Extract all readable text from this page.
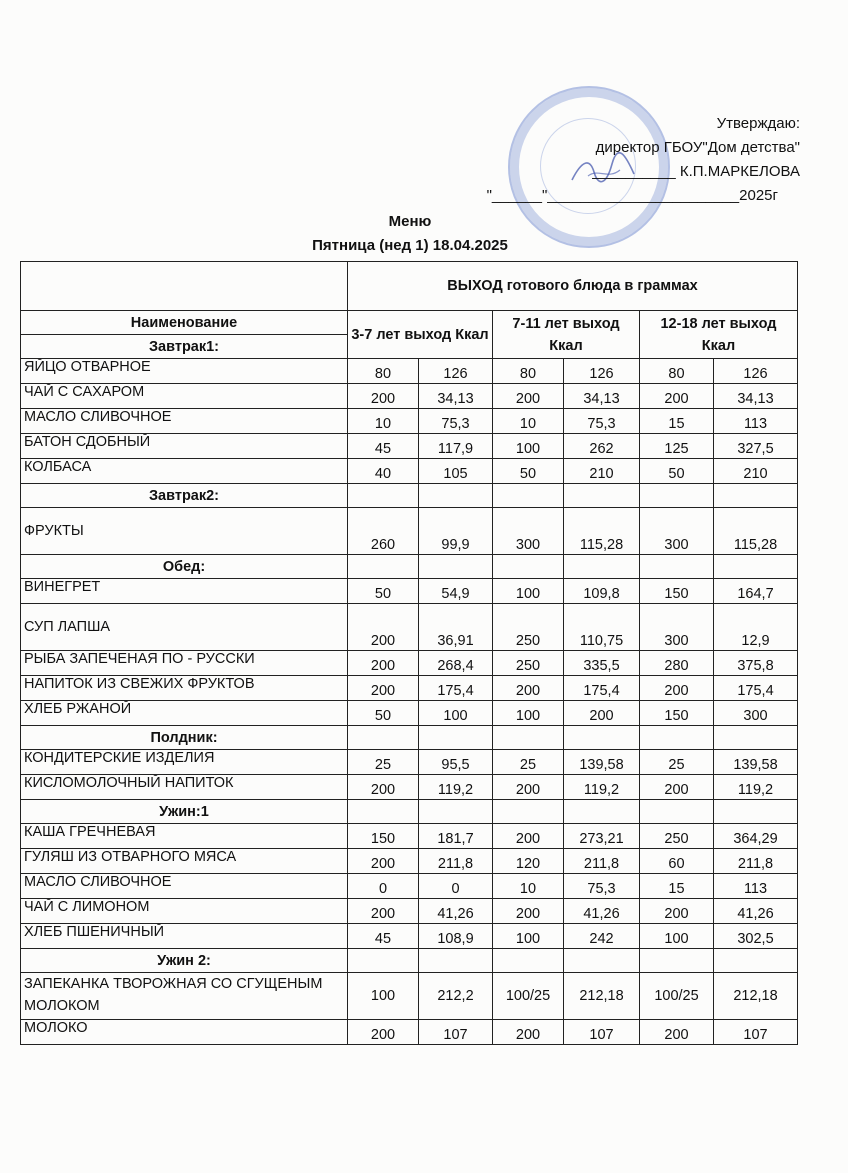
Утверждаю:
директор ГБОУ"Дом детства"
__________ К.П.МАРКЕЛОВА
"______"_______________________2025г
Меню
Пятница (нед 1) 18.04.2025
	ВЫХОД готового блюда в граммах					
Наименование	3-7 лет выход Ккал		7-11 лет выход Ккал		12-18 лет выход Ккал	
Завтрак1:						
ЯЙЦО ОТВАРНОЕ	80	126	80	126	80	126
ЧАЙ С САХАРОМ	200	34,13	200	34,13	200	34,13
МАСЛО СЛИВОЧНОЕ	10	75,3	10	75,3	15	113
БАТОН СДОБНЫЙ	45	117,9	100	262	125	327,5
КОЛБАСА	40	105	50	210	50	210
Завтрак2:						
ФРУКТЫ	260	99,9	300	115,28	300	115,28
Обед:						
ВИНЕГРЕТ	50	54,9	100	109,8	150	164,7
СУП ЛАПША	200	36,91	250	110,75	300	12,9
РЫБА ЗАПЕЧЕНАЯ ПО - РУССКИ	200	268,4	250	335,5	280	375,8
НАПИТОК ИЗ СВЕЖИХ ФРУКТОВ	200	175,4	200	175,4	200	175,4
ХЛЕБ РЖАНОЙ	50	100	100	200	150	300
Полдник:						
КОНДИТЕРСКИЕ ИЗДЕЛИЯ	25	95,5	25	139,58	25	139,58
КИСЛОМОЛОЧНЫЙ НАПИТОК	200	119,2	200	119,2	200	119,2
Ужин:1						
КАША ГРЕЧНЕВАЯ	150	181,7	200	273,21	250	364,29
ГУЛЯШ ИЗ ОТВАРНОГО МЯСА	200	211,8	120	211,8	60	211,8
МАСЛО СЛИВОЧНОЕ	0	0	10	75,3	15	113
ЧАЙ С ЛИМОНОМ	200	41,26	200	41,26	200	41,26
ХЛЕБ ПШЕНИЧНЫЙ	45	108,9	100	242	100	302,5
Ужин 2:						
ЗАПЕКАНКА ТВОРОЖНАЯ СО СГУЩЕНЫМ МОЛОКОМ	100	212,2	100/25	212,18	100/25	212,18
МОЛОКО	200	107	200	107	200	107
